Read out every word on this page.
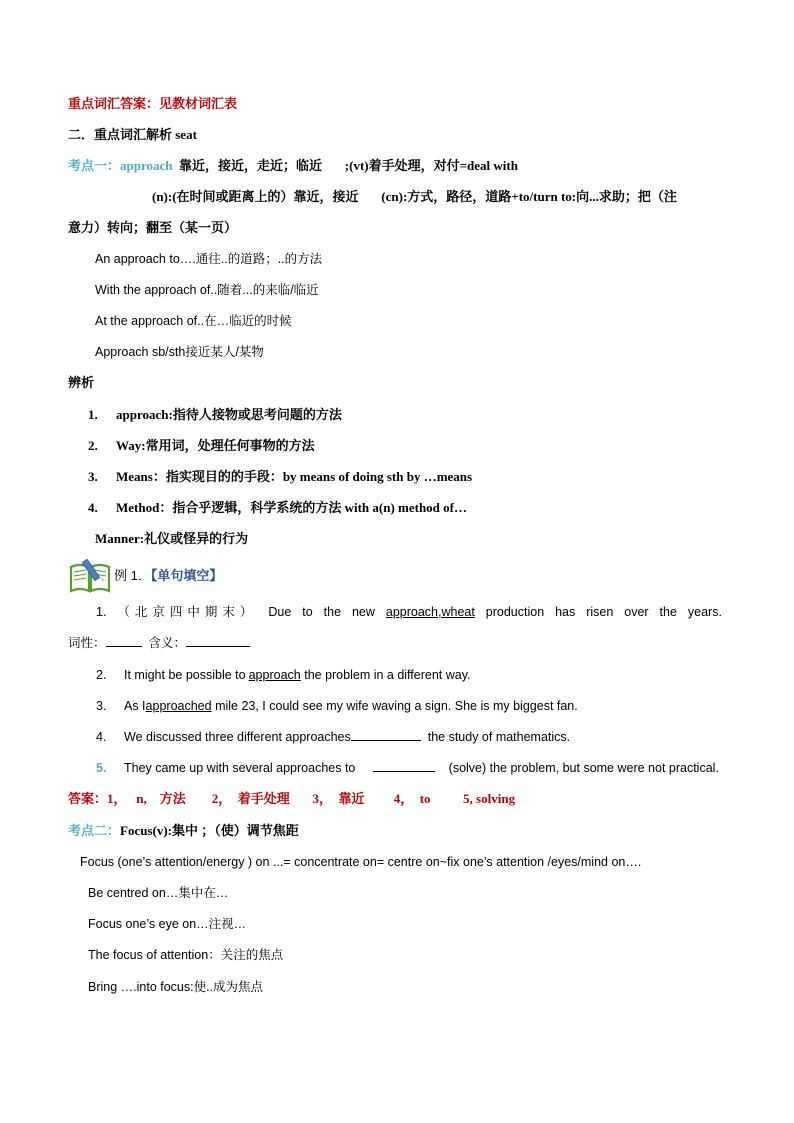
重点词汇答案：见教材词汇表
二．重点词汇解析 seat
考点一：approach 靠近，接近，走近；临近 ;(vt)着手处理，对付=deal with
(n):(在时间或距离上的）靠近，接近 (cn):方式，路径，道路+to/turn to:向...求助；把（注
意力）转向；翻至（某一页）
An approach to….通往..的道路；..的方法
With the approach of..随着...的来临/临近
At the approach of..在…临近的时候
Approach sb/sth接近某人/某物
辨析
1. approach:指待人接物或思考问题的方法
2. Way:常用词，处理任何事物的方法
3. Means：指实现目的的手段：by means of doing sth by …means
4. Method：指合乎逻辑，科学系统的方法 with a(n) method of…
Manner:礼仪或怪异的行为
例 1．【单句填空】
1. （北京四中期末） Due to the new approach,wheat production has risen over the years.
词性：	含义：
2. It might be possible to approach the problem in a different way.
3. As Iapproached mile 23, I could see my wife waving a sign. She is my biggest fan.
4. We discussed three different approaches	the study of mathematics.
5. They came up with several approaches to	(solve) the problem, but some were not practical.
答案：1，   n,    方法        2，  着手处理       3，  靠近         4，  to          5, solving
考点二：Focus(v):集中 ；（使）调节焦距
Focus (one’s attention/energy ) on ...= concentrate on= centre on~fix one’s attention /eyes/mind on….
Be centred on…集中在…
Focus one’s eye on…注视…
The focus of attention：关注的焦点
Bring ….into focus:使..成为焦点
